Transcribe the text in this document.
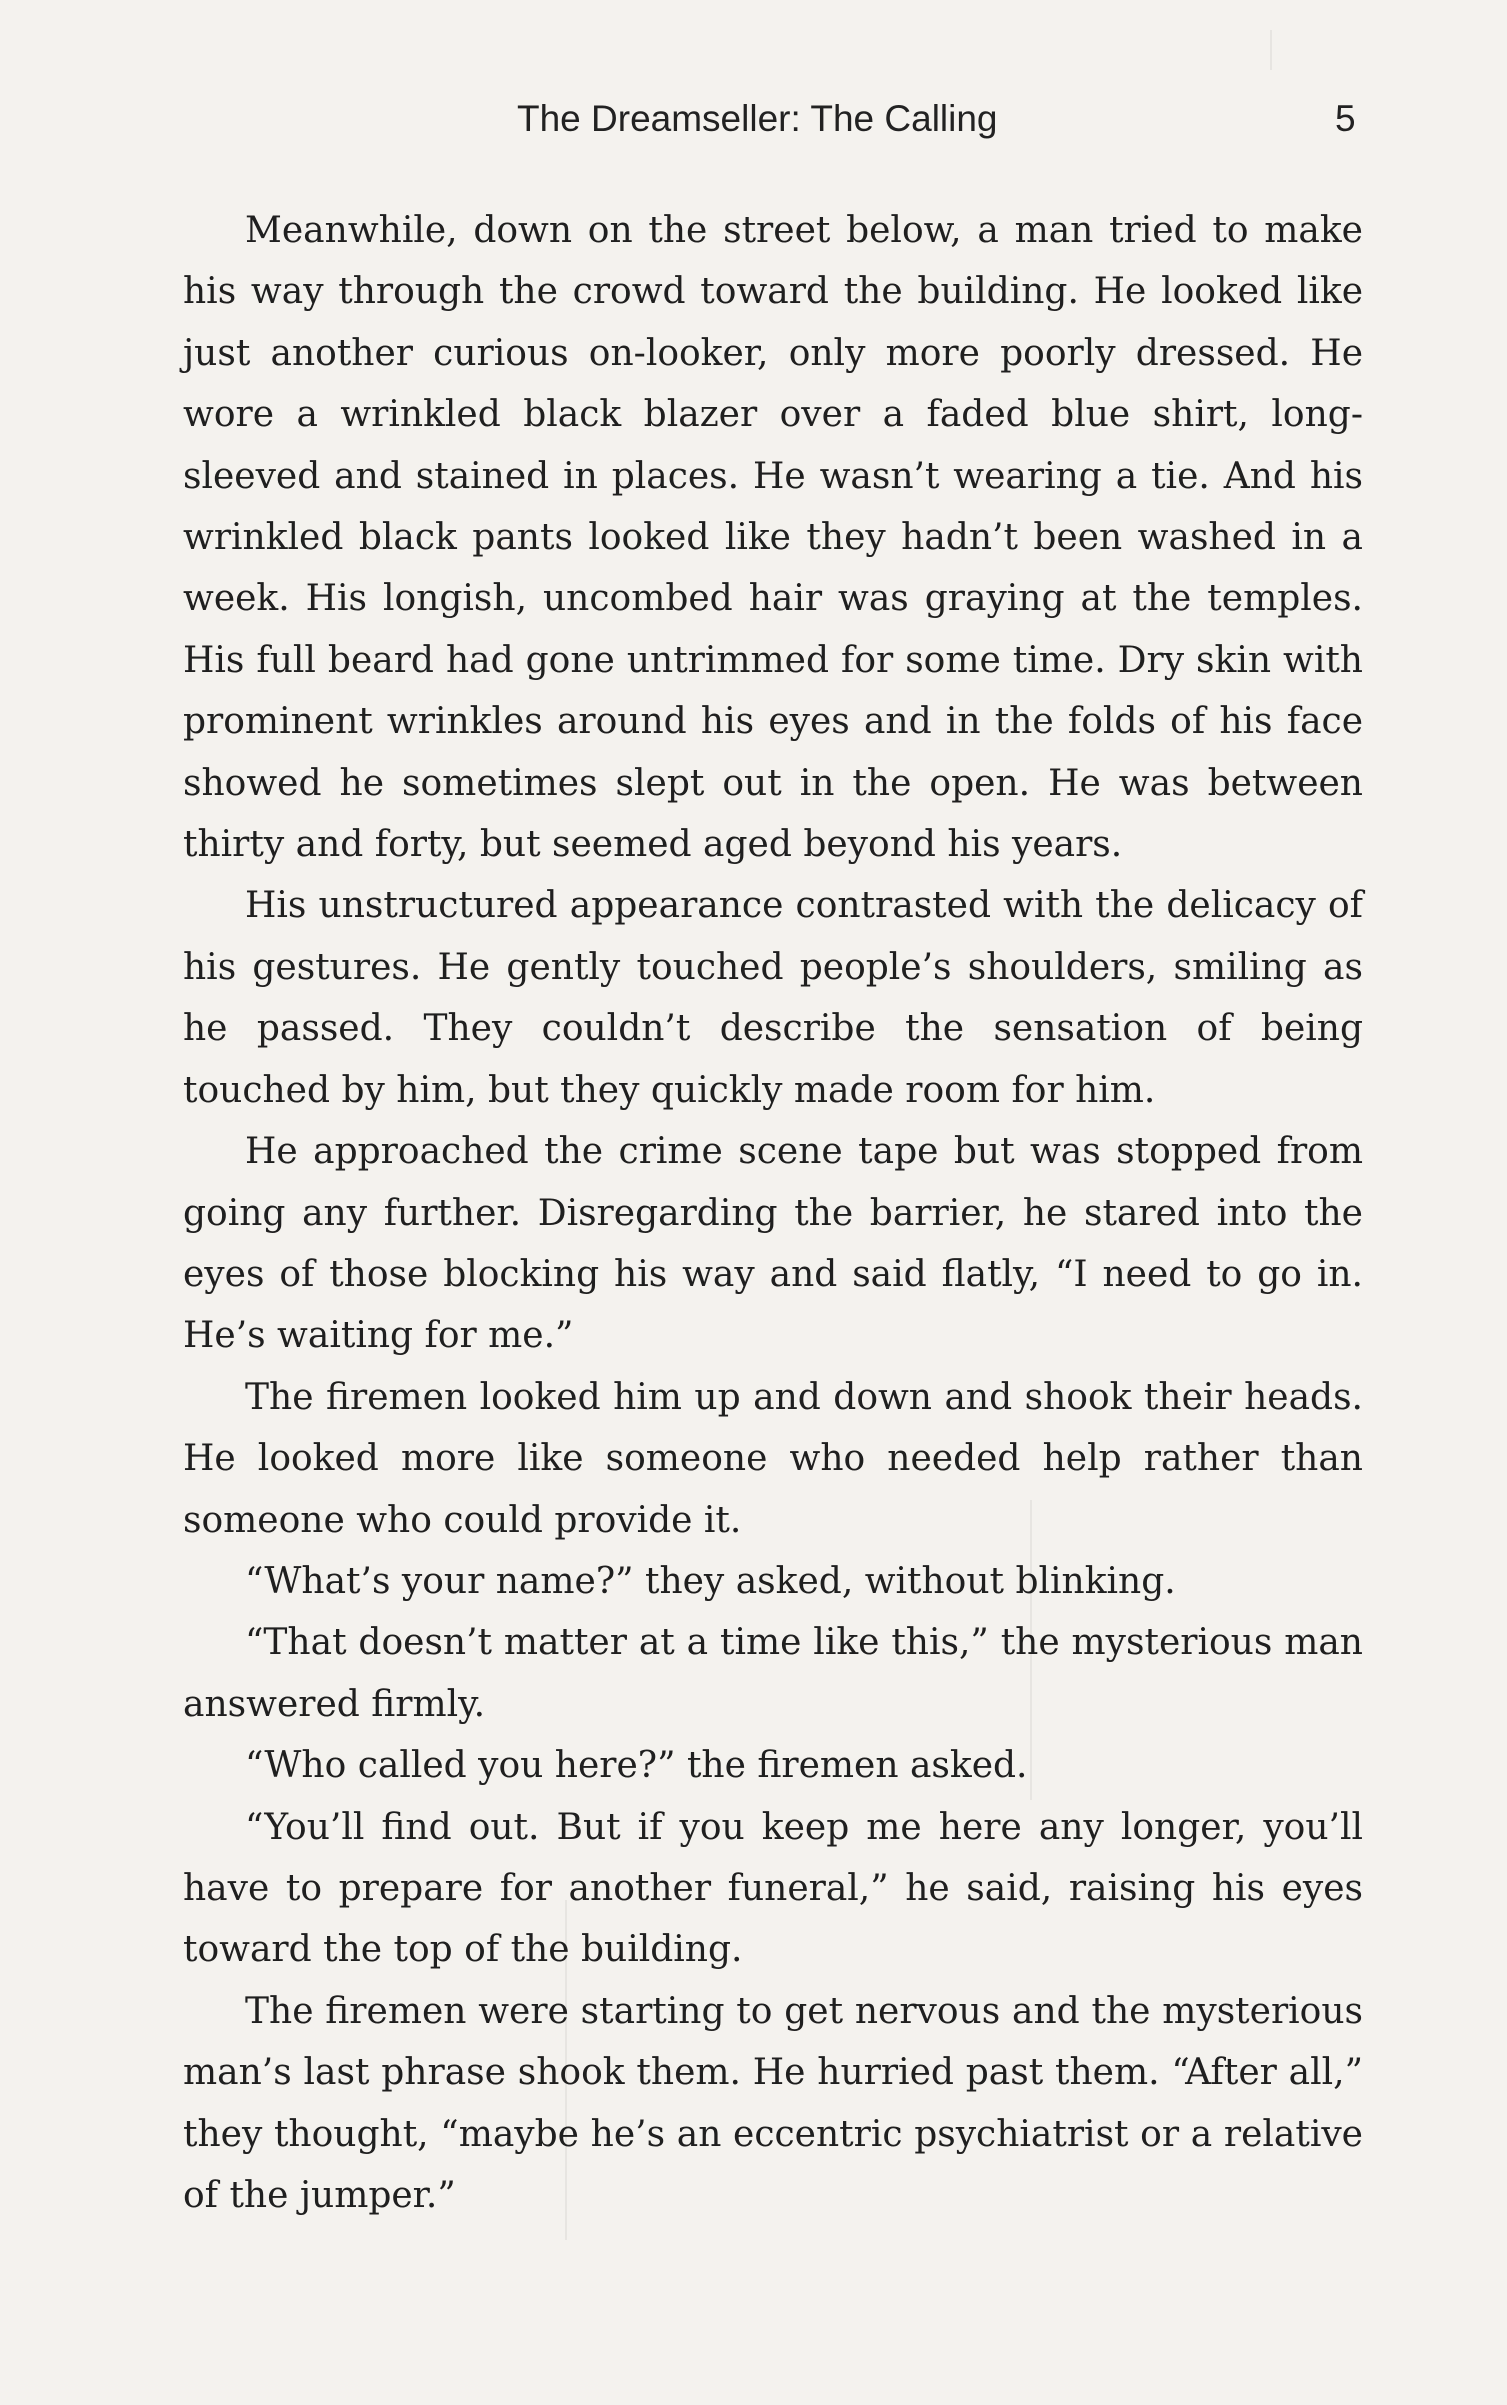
The Dreamseller: The Calling	5

Meanwhile, down on the street below, a man tried to make his way through the crowd toward the building. He looked like just another curious on-looker, only more poorly dressed. He wore a wrinkled black blazer over a faded blue shirt, long-sleeved and stained in places. He wasn’t wearing a tie. And his wrinkled black pants looked like they hadn’t been washed in a week. His longish, uncombed hair was graying at the temples. His full beard had gone untrimmed for some time. Dry skin with prominent wrinkles around his eyes and in the folds of his face showed he sometimes slept out in the open. He was between thirty and forty, but seemed aged beyond his years.

His unstructured appearance contrasted with the delicacy of his gestures. He gently touched people’s shoulders, smiling as he passed. They couldn’t describe the sensation of being touched by him, but they quickly made room for him.

He approached the crime scene tape but was stopped from going any further. Disregarding the barrier, he stared into the eyes of those blocking his way and said flatly, “I need to go in. He’s waiting for me.”

The firemen looked him up and down and shook their heads. He looked more like someone who needed help rather than someone who could provide it.

“What’s your name?” they asked, without blinking.

“That doesn’t matter at a time like this,” the mysterious man answered firmly.

“Who called you here?” the firemen asked.

“You’ll find out. But if you keep me here any longer, you’ll have to prepare for another funeral,” he said, raising his eyes toward the top of the building.

The firemen were starting to get nervous and the mysterious man’s last phrase shook them. He hurried past them. “After all,” they thought, “maybe he’s an eccentric psychiatrist or a relative of the jumper.”
